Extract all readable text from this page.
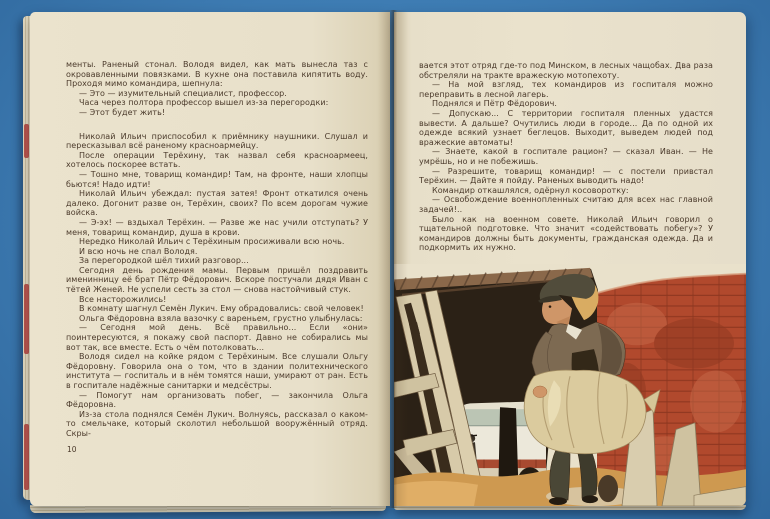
менты. Раненый стонал. Володя видел, как мать вынесла таз с окровавленными повязками. В кухне она поставила кипятить воду. Проходя мимо командира, шепнула:

— Это — изумительный специалист, профессор.

Часа через полтора профессор вышел из-за перегородки:

— Этот будет жить!

Николай Ильич приспособил к приёмнику наушники. Слушал и пересказывал всё раненому красноармейцу.

После операции Терёхину, так назвал себя красноармеец, хотелось поскорее встать.

— Тошно мне, товарищ командир! Там, на фронте, наши хлопцы бьются! Надо идти!

Николай Ильич убеждал: пустая затея! Фронт откатился очень далеко. Догонит разве он, Терёхин, своих? По всем дорогам чужие войска.

— Э-эх! — вздыхал Терёхин. — Разве же нас учили отступать? У меня, товарищ командир, душа в крови.

Нередко Николай Ильич с Терёхиным просиживали всю ночь.

И всю ночь не спал Володя.

За перегородкой шёл тихий разговор...

Сегодня день рождения мамы. Первым пришёл поздравить именинницу её брат Пётр Фёдорович. Вскоре постучали дядя Иван с тётей Женей. Не успели сесть за стол — снова настойчивый стук.

Все насторожились!

В комнату шагнул Семён Лукич. Ему обрадовались: свой человек!

Ольга Фёдоровна взяла вазочку с вареньем, грустно улыбнулась:

— Сегодня мой день. Всё правильно... Если «они» поинтересуются, я покажу свой паспорт. Давно не собирались мы вот так, все вместе. Есть о чём потолковать...

Володя сидел на койке рядом с Терёхиным. Все слушали Ольгу Фёдоровну. Говорила она о том, что в здании политехнического института — госпиталь и в нём томятся наши, умирают от ран. Есть в госпитале надёжные санитарки и медсёстры.

— Помогут нам организовать побег, — закончила Ольга Фёдоровна.

Из-за стола поднялся Семён Лукич. Волнуясь, рассказал о каком-то смельчаке, который сколотил небольшой вооружённый отряд. Скры-

10

вается этот отряд где-то под Минском, в лесных чащобах. Два раза обстреляли на тракте вражескую мотопехоту.

— На мой взгляд, тех командиров из госпиталя можно переправить в лесной лагерь.

Поднялся и Пётр Фёдорович.

— Допускаю... С территории госпиталя пленных удастся вывести. А дальше? Очутились люди в городе... Да по одной их одежде всякий узнает беглецов. Выходит, выведем людей под вражеские автоматы!

— Знаете, какой в госпитале рацион? — сказал Иван. — Не умрёшь, но и не побежишь.

— Разрешите, товарищ командир! — с постели привстал Терёхин. — Дайте я пойду. Раненых выводить надо!

Командир откашлялся, одёрнул косоворотку:

— Освобождение военнопленных считаю для всех нас главной задачей!..

Было как на военном совете. Николай Ильич говорил о тщательной подготовке. Что значит «содействовать побегу»? У командиров должны быть документы, гражданская одежда. Да и подкормить их нужно.
